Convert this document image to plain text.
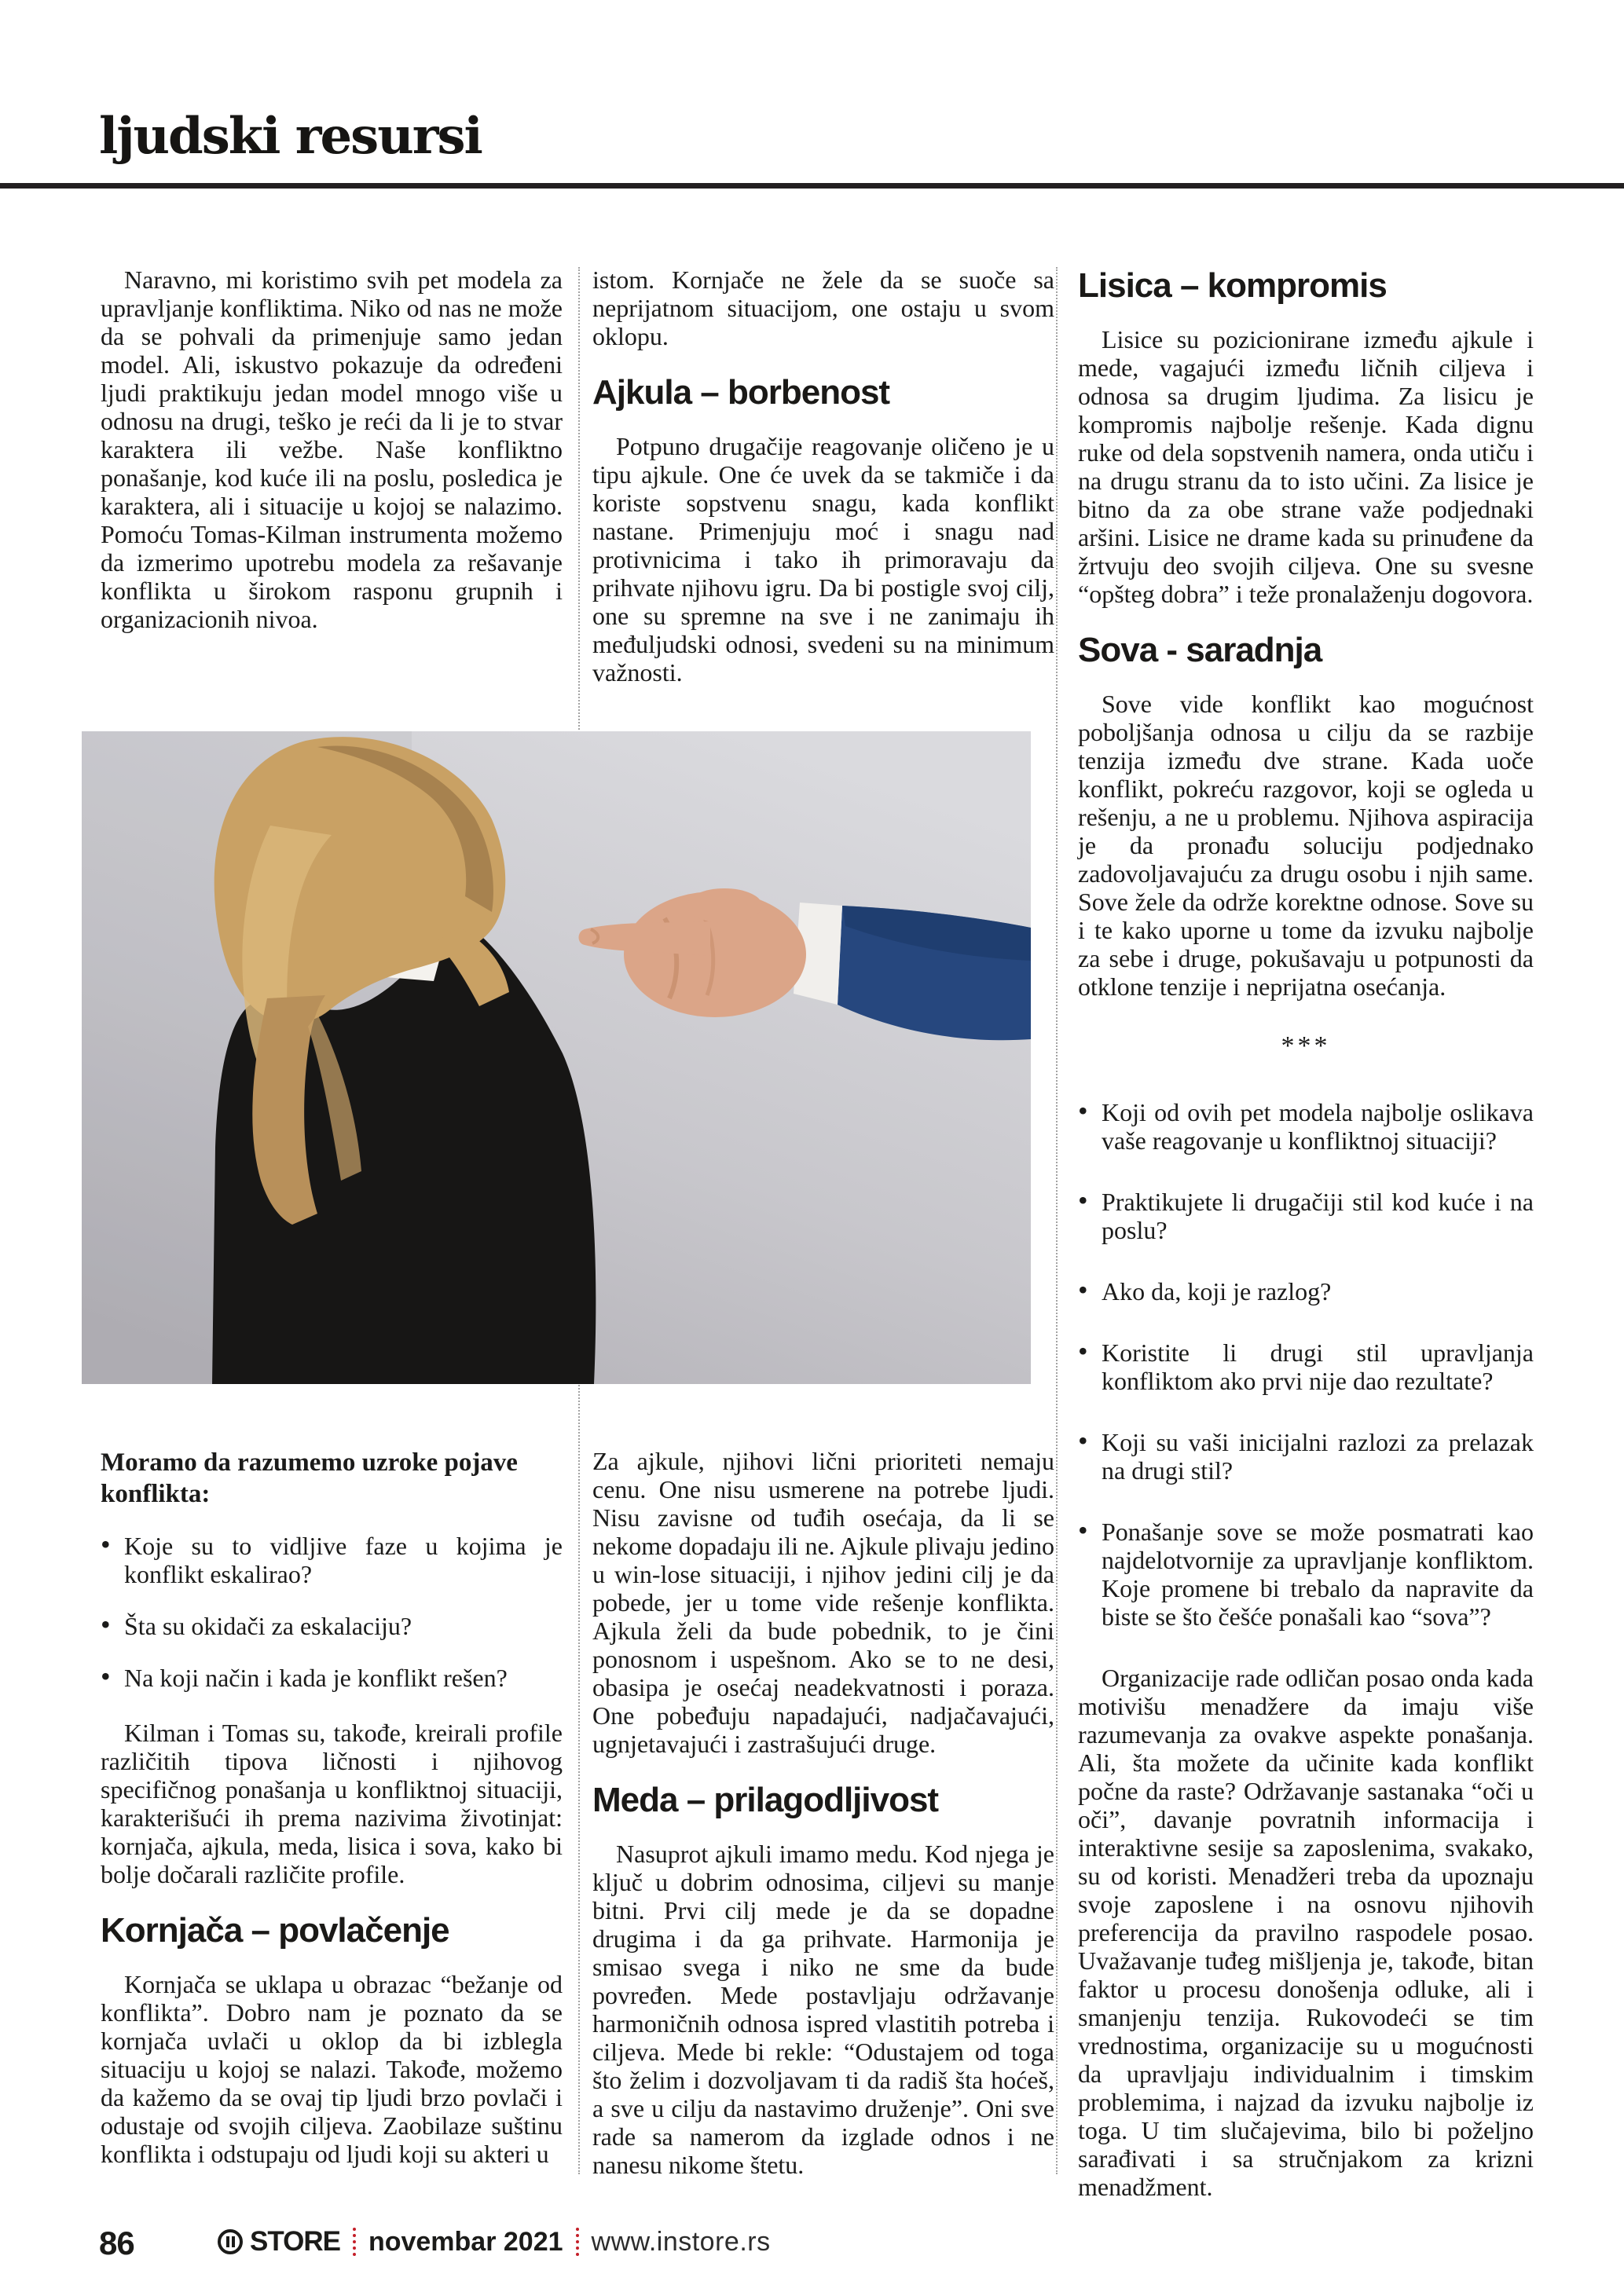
ljudski resursi

Naravno, mi koristimo svih pet modela za upravljanje konfliktima. Niko od nas ne može da se pohvali da primenjuje samo jedan model. Ali, iskustvo pokazuje da određeni ljudi praktikuju jedan model mnogo više u odnosu na drugi, teško je reći da li je to stvar karaktera ili vežbe. Naše konfliktno ponašanje, kod kuće ili na poslu, posledica je karaktera, ali i situacije u kojoj se nalazimo. Pomoću Tomas-Kilman instrumenta možemo da izmerimo upotrebu modela za rešavanje konflikta u širokom rasponu grupnih i organizacionih nivoa.

istom. Kornjače ne žele da se suoče sa neprijatnom situacijom, one ostaju u svom oklopu.

Ajkula – borbenost

Potpuno drugačije reagovanje oličeno je u tipu ajkule. One će uvek da se takmiče i da koriste sopstvenu snagu, kada konflikt nastane. Primenjuju moć i snagu nad protivnicima i tako ih primoravaju da prihvate njihovu igru. Da bi postigle svoj cilj, one su spremne na sve i ne zanimaju ih međuljudski odnosi, svedeni su na minimum važnosti.

Lisica – kompromis

Lisice su pozicionirane između ajkule i mede, vagajući između ličnih ciljeva i odnosa sa drugim ljudima. Za lisicu je kompromis najbolje rešenje. Kada dignu ruke od dela sopstvenih namera, onda utiču i na drugu stranu da to isto učini. Za lisice je bitno da za obe strane važe podjednaki aršini. Lisice ne drame kada su prinuđene da žrtvuju deo svojih ciljeva. One su svesne “opšteg dobra” i teže pronalaženju dogovora.

Sova - saradnja

Sove vide konflikt kao mogućnost poboljšanja odnosa u cilju da se razbije tenzija između dve strane. Kada uoče konflikt, pokreću razgovor, koji se ogleda u rešenju, a ne u problemu. Njihova aspiracija je da pronađu soluciju podjednako zadovoljavajuću za drugu osobu i njih same. Sove žele da održe korektne odnose. Sove su i te kako uporne u tome da izvuku najbolje za sebe i druge, pokušavaju u potpunosti da otklone tenzije i neprijatna osećanja.

***
• Koji od ovih pet modela najbolje oslikava vaše reagovanje u konfliktnoj situaciji?
• Praktikujete li drugačiji stil kod kuće i na poslu?
• Ako da, koji je razlog?
• Koristite li drugi stil upravljanja konfliktom ako prvi nije dao rezultate?
• Koji su vaši inicijalni razlozi za prelazak na drugi stil?
• Ponašanje sove se može posmatrati kao najdelotvornije za upravljanje konfliktom. Koje promene bi trebalo da napravite da biste se što češće ponašali kao “sova”?

Organizacije rade odličan posao onda kada motivišu menadžere da imaju više razumevanja za ovakve aspekte ponašanja. Ali, šta možete da učinite kada konflikt počne da raste? Održavanje sastanaka “oči u oči”, davanje povratnih informacija i interaktivne sesije sa zaposlenima, svakako, su od koristi. Menadžeri treba da upoznaju svoje zaposlene i na osnovu njihovih preferencija da pravilno raspodele posao. Uvažavanje tuđeg mišljenja je, takođe, bitan faktor u procesu donošenja odluke, ali i smanjenju tenzija. Rukovodeći se tim vrednostima, organizacije su u mogućnosti da upravljaju individualnim i timskim problemima, i najzad da izvuku najbolje iz toga. U tim slučajevima, bilo bi poželjno sarađivati i sa stručnjakom za krizni menadžment.

Moramo da razumemo uzroke pojave konflikta:

• Koje su to vidljive faze u kojima je konflikt eskalirao?
• Šta su okidači za eskalaciju?
• Na koji način i kada je konflikt rešen?

Kilman i Tomas su, takođe, kreirali profile različitih tipova ličnosti i njihovog specifičnog ponašanja u konfliktnoj situaciji, karakterišući ih prema nazivima životinjat: kornjača, ajkula, meda, lisica i sova, kako bi bolje dočarali različite profile.

Kornjača – povlačenje

Kornjača se uklapa u obrazac “bežanje od konflikta”. Dobro nam je poznato da se kornjača uvlači u oklop da bi izblegla situaciju u kojoj se nalazi. Takođe, možemo da kažemo da se ovaj tip ljudi brzo povlači i odustaje od svojih ciljeva. Zaobilaze suštinu konflikta i odstupaju od ljudi koji su akteri u

Za ajkule, njihovi lični prioriteti nemaju cenu. One nisu usmerene na potrebe ljudi. Nisu zavisne od tuđih osećaja, da li se nekome dopadaju ili ne. Ajkule plivaju jedino u win-lose situaciji, i njihov jedini cilj je da pobede, jer u tome vide rešenje konflikta. Ajkula želi da bude pobednik, to je čini ponosnom i uspešnom. Ako se to ne desi, obasipa je osećaj neadekvatnosti i poraza. One pobeđuju napadajući, nadjačavajući, ugnjetavajući i zastrašujući druge.

Meda – prilagodljivost

Nasuprot ajkuli imamo medu. Kod njega je ključ u dobrim odnosima, ciljevi su manje bitni. Prvi cilj mede je da se dopadne drugima i da ga prihvate. Harmonija je smisao svega i niko ne sme da bude povređen. Mede postavljaju održavanje harmoničnih odnosa ispred vlastitih potreba i ciljeva. Mede bi rekle: “Odustajem od toga što želim i dozvoljavam ti da radiš šta hoćeš, a sve u cilju da nastavimo druženje”. Oni sve rade sa namerom da izglade odnos i ne nanesu nikome štetu.

86	STORE novembar 2021 www.instore.rs
